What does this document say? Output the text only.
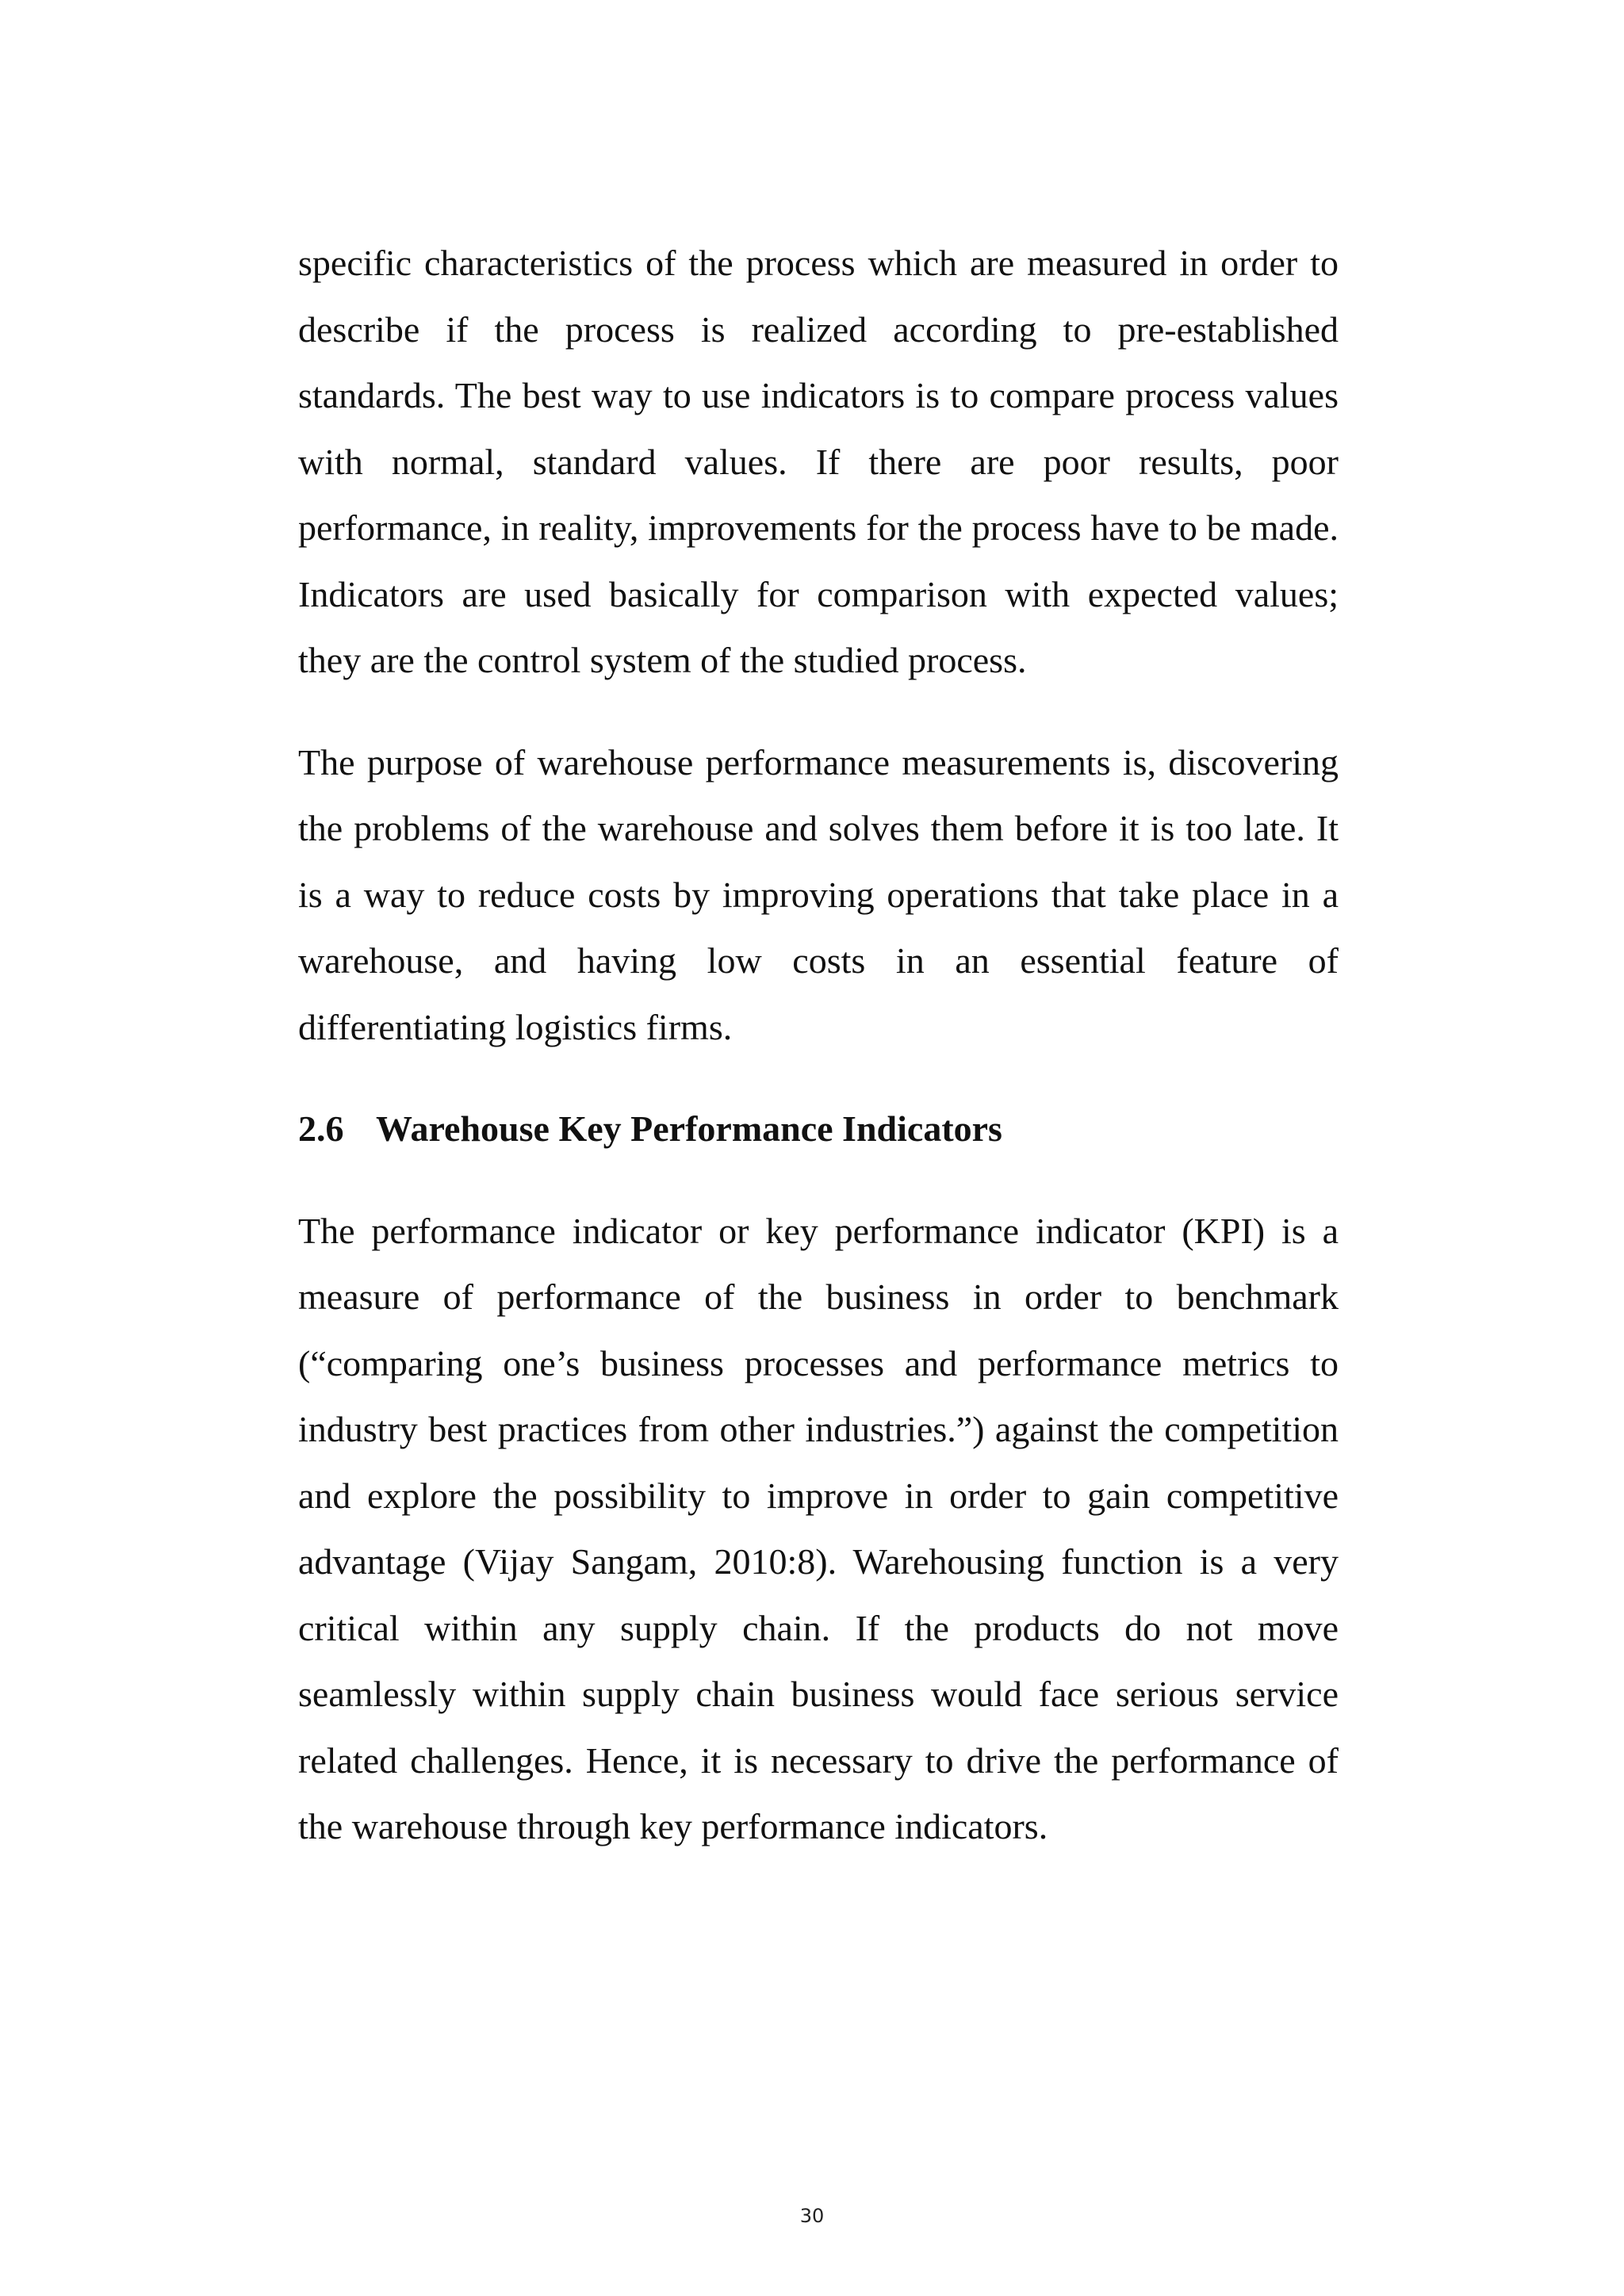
specific characteristics of the process which are measured in order to describe if the process is realized according to pre-established standards. The best way to use indicators is to compare process values with normal, standard values. If there are poor results, poor performance, in reality, improvements for the process have to be made. Indicators are used basically for comparison with expected values; they are the control system of the studied process.

The purpose of warehouse performance measurements is, discovering the problems of the warehouse and solves them before it is too late. It is a way to reduce costs by improving operations that take place in a warehouse, and having low costs in an essential feature of differentiating logistics firms.

2.6 Warehouse Key Performance Indicators

The performance indicator or key performance indicator (KPI) is a measure of performance of the business in order to benchmark (“comparing one’s business processes and performance metrics to industry best practices from other industries.”) against the competition and explore the possibility to improve in order to gain competitive advantage (Vijay Sangam, 2010:8). Warehousing function is a very critical within any supply chain. If the products do not move seamlessly within supply chain business would face serious service related challenges. Hence, it is necessary to drive the performance of the warehouse through key performance indicators.

30
